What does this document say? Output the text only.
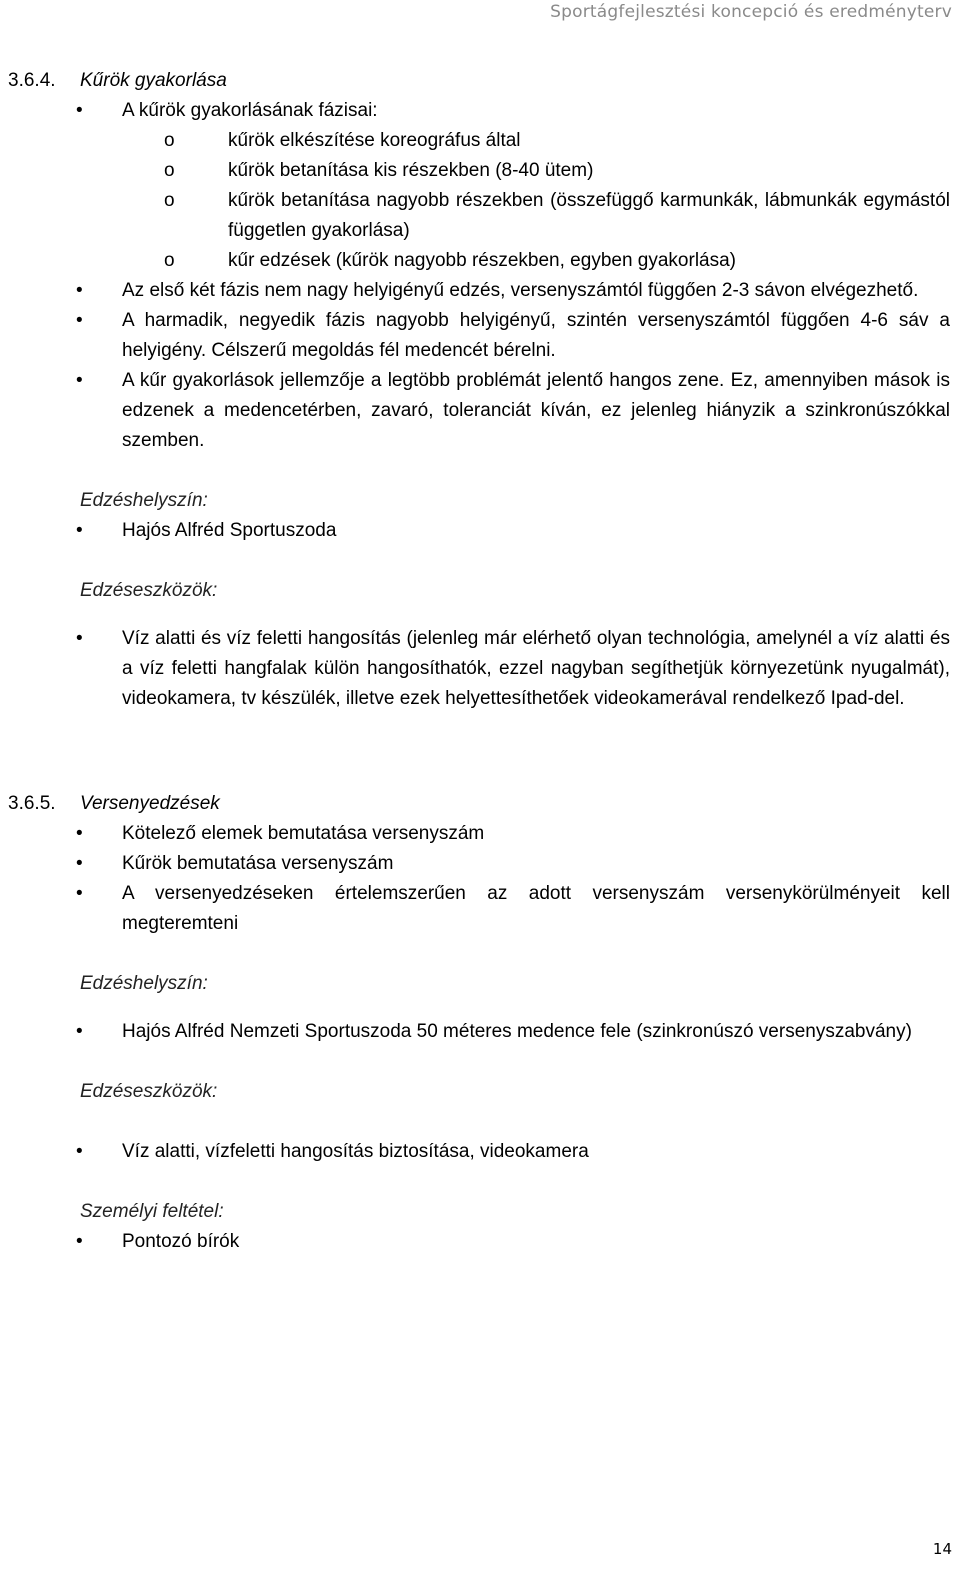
Sportágfejlesztési koncepció és eredményterv
3.6.4.	Kűrök gyakorlása
• A kűrök gyakorlásának fázisai:
o	kűrök elkészítése koreográfus által
o	kűrök betanítása kis részekben (8-40 ütem)
o	kűrök betanítása nagyobb részekben (összefüggő karmunkák, lábmunkák egymástól független gyakorlása)
o	kűr edzések (kűrök nagyobb részekben, egyben gyakorlása)
• Az első két fázis nem nagy helyigényű edzés, versenyszámtól függően 2-3 sávon elvégezhető.
• A harmadik, negyedik fázis nagyobb helyigényű, szintén versenyszámtól függően 4-6 sáv a helyigény. Célszerű megoldás fél medencét bérelni.
• A kűr gyakorlások jellemzője a legtöbb problémát jelentő hangos zene. Ez, amennyiben mások is edzenek a medencetérben, zavaró, toleranciát kíván, ez jelenleg hiányzik a szinkronúszókkal szemben.
Edzéshelyszín:
• Hajós Alfréd Sportuszoda
Edzéseszközök:
• Víz alatti és víz feletti hangosítás (jelenleg már elérhető olyan technológia, amelynél a víz alatti és a víz feletti hangfalak külön hangosíthatók, ezzel nagyban segíthetjük környezetünk nyugalmát), videokamera, tv készülék, illetve ezek helyettesíthetőek videokamerával rendelkező Ipad-del.
3.6.5.	Versenyedzések
• Kötelező elemek bemutatása versenyszám
• Kűrök bemutatása versenyszám
• A versenyedzéseken értelemszerűen az adott versenyszám versenykörülményeit kell megteremteni
Edzéshelyszín:
• Hajós Alfréd Nemzeti Sportuszoda 50 méteres medence fele (szinkronúszó versenyszabvány)
Edzéseszközök:
• Víz alatti, vízfeletti hangosítás biztosítása, videokamera
Személyi feltétel:
• Pontozó bírók
14
